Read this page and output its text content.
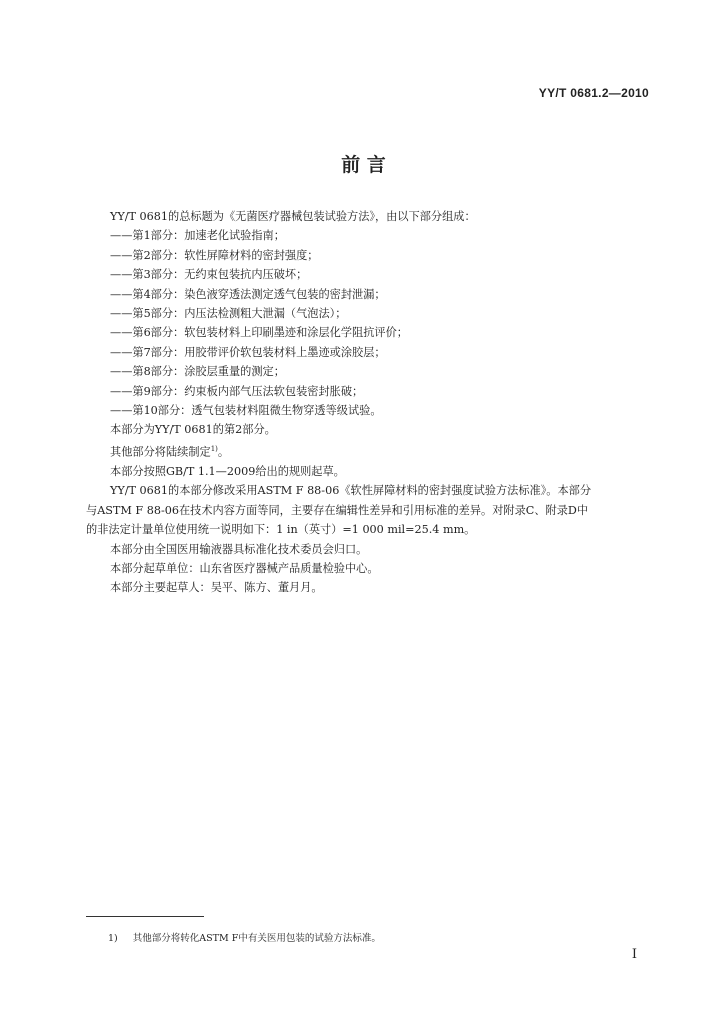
YY/T 0681.2—2010
前 言

YY/T 0681的总标题为《无菌医疗器械包装试验方法》，由以下部分组成：

——第1部分：加速老化试验指南；

——第2部分：软性屏障材料的密封强度；

——第3部分：无约束包装抗内压破坏；

——第4部分：染色液穿透法测定透气包装的密封泄漏；

——第5部分：内压法检测粗大泄漏（气泡法）；

——第6部分：软包装材料上印刷墨迹和涂层化学阻抗评价；

——第7部分：用胶带评价软包装材料上墨迹或涂胶层；

——第8部分：涂胶层重量的测定；

——第9部分：约束板内部气压法软包装密封胀破；

——第10部分：透气包装材料阻微生物穿透等级试验。

本部分为YY/T 0681的第2部分。

其他部分将陆续制定$^{1)}$。

本部分按照GB/T 1.1—2009给出的规则起草。

YY/T 0681的本部分修改采用ASTM F 88-06《软性屏障材料的密封强度试验方法标准》。本部分

与ASTM F 88-06在技术内容方面等同，主要存在编辑性差异和引用标准的差异。对附录C、附录D中

的非法定计量单位使用统一说明如下：1 in（英寸）=1 000 mil=25.4 mm。

本部分由全国医用输液器具标准化技术委员会归口。

本部分起草单位：山东省医疗器械产品质量检验中心。

本部分主要起草人：吴平、陈方、董月月。

1) 其他部分将转化ASTM F中有关医用包装的试验方法标准。
I
